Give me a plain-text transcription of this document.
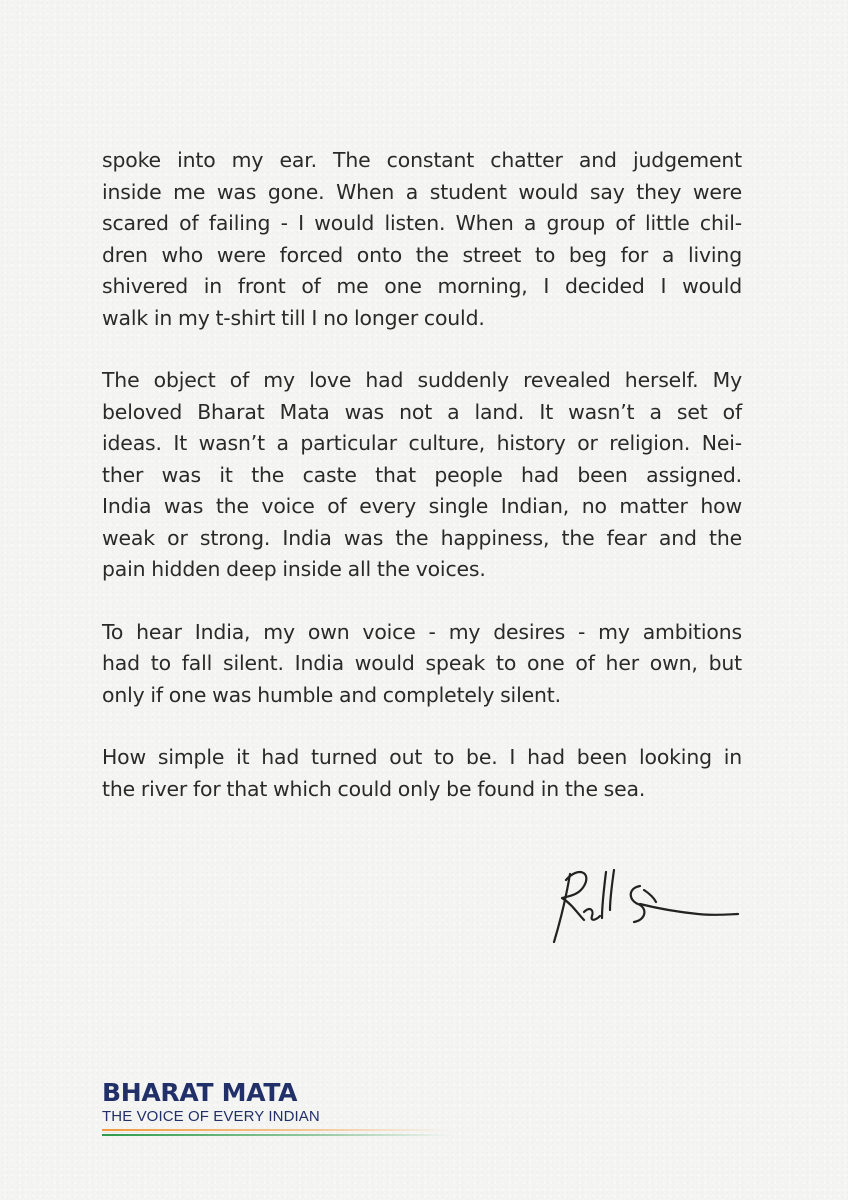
spoke into my ear. The constant chatter and judgement
inside me was gone. When a student would say they were
scared of failing - I would listen. When a group of little chil-
dren who were forced onto the street to beg for a living
shivered in front of me one morning, I decided I would
walk in my t-shirt till I no longer could.

The object of my love had suddenly revealed herself. My
beloved Bharat Mata was not a land. It wasn’t a set of
ideas. It wasn’t a particular culture, history or religion. Nei-
ther was it the caste that people had been assigned.
India was the voice of every single Indian, no matter how
weak or strong. India was the happiness, the fear and the
pain hidden deep inside all the voices.

To hear India, my own voice - my desires - my ambitions
had to fall silent. India would speak to one of her own, but
only if one was humble and completely silent.

How simple it had turned out to be. I had been looking in
the river for that which could only be found in the sea.

BHARAT MATA
THE VOICE OF EVERY INDIAN
